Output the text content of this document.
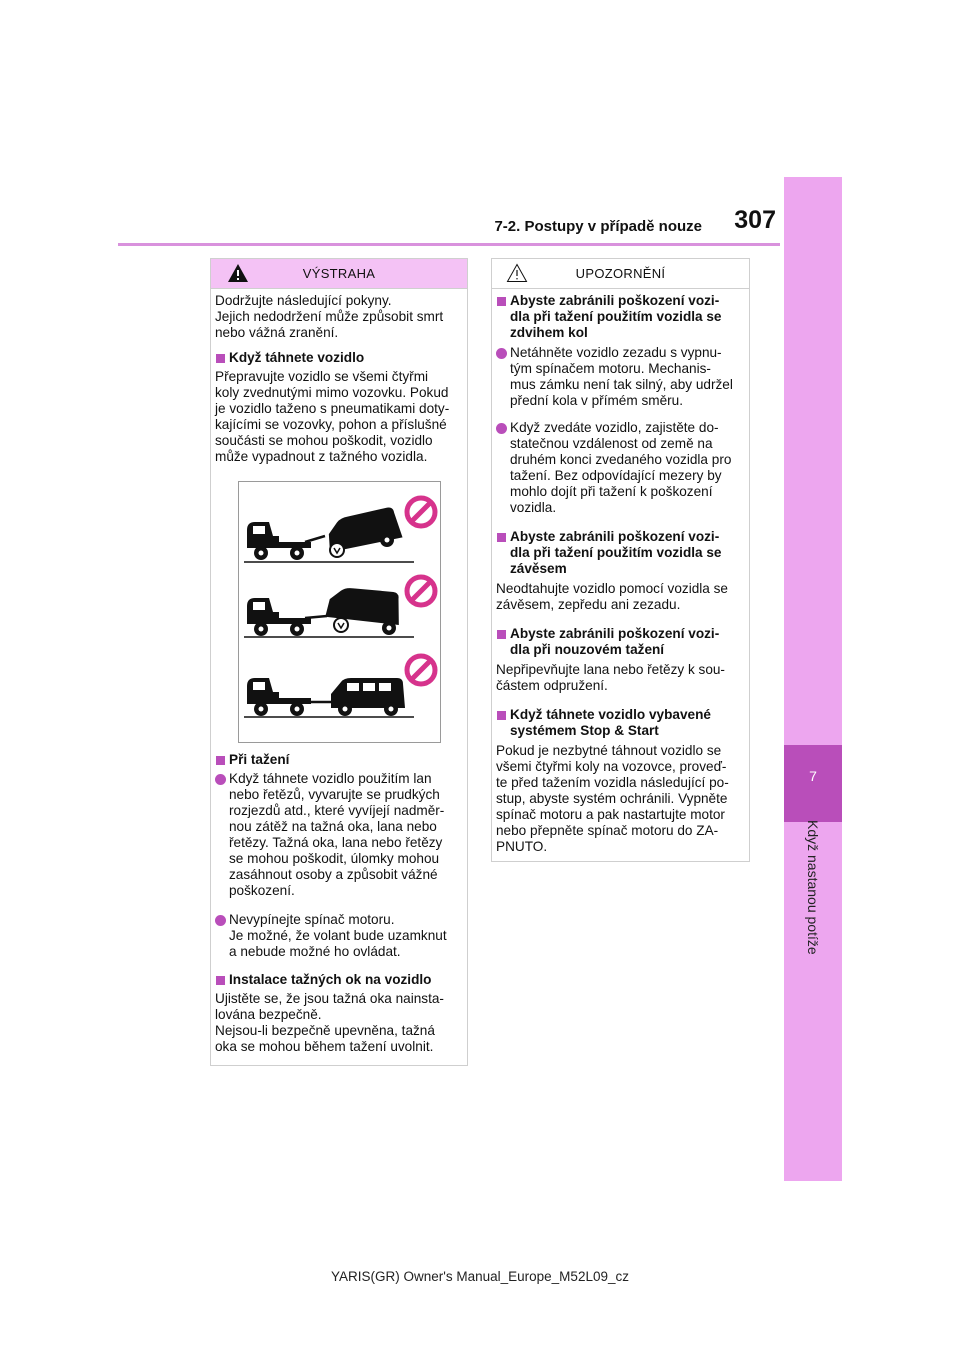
7-2. Postupy v případě nouze	307
7
Když nastanou potíže
VÝSTRAHA
Dodržujte následující pokyny.
Jejich nedodržení může způsobit smrt
nebo vážná zranění.
Když táhnete vozidlo
Přepravujte vozidlo se všemi čtyřmi
koly zvednutými mimo vozovku. Pokud
je vozidlo taženo s pneumatikami doty-
kajícími se vozovky, pohon a příslušné
součásti se mohou poškodit, vozidlo
může vypadnout z tažného vozidla.
Při tažení
Když táhnete vozidlo použitím lan
nebo řetězů, vyvarujte se prudkých
rozjezdů atd., které vyvíjejí nadměr-
nou zátěž na tažná oka, lana nebo
řetězy. Tažná oka, lana nebo řetězy
se mohou poškodit, úlomky mohou
zasáhnout osoby a způsobit vážné
poškození.
Nevypínejte spínač motoru.
Je možné, že volant bude uzamknut
a nebude možné ho ovládat.
Instalace tažných ok na vozidlo
Ujistěte se, že jsou tažná oka nainsta-
lována bezpečně.
Nejsou-li bezpečně upevněna, tažná
oka se mohou během tažení uvolnit.
UPOZORNĚNÍ
Abyste zabránili poškození vozi-
dla při tažení použitím vozidla se
zdvihem kol
Netáhněte vozidlo zezadu s vypnu-
tým spínačem motoru. Mechanis-
mus zámku není tak silný, aby udržel
přední kola v přímém směru.
Když zvedáte vozidlo, zajistěte do-
statečnou vzdálenost od země na
druhém konci zvedaného vozidla pro
tažení. Bez odpovídající mezery by
mohlo dojít při tažení k poškození
vozidla.
Abyste zabránili poškození vozi-
dla při tažení použitím vozidla se
závěsem
Neodtahujte vozidlo pomocí vozidla se
závěsem, zepředu ani zezadu.
Abyste zabránili poškození vozi-
dla při nouzovém tažení
Nepřipevňujte lana nebo řetězy k sou-
částem odpružení.
Když táhnete vozidlo vybavené
systémem Stop & Start
Pokud je nezbytné táhnout vozidlo se
všemi čtyřmi koly na vozovce, proveď-
te před tažením vozidla následující po-
stup, abyste systém ochránili. Vypněte
spínač motoru a pak nastartujte motor
nebo přepněte spínač motoru do ZA-
PNUTO.
YARIS(GR) Owner's Manual_Europe_M52L09_cz
